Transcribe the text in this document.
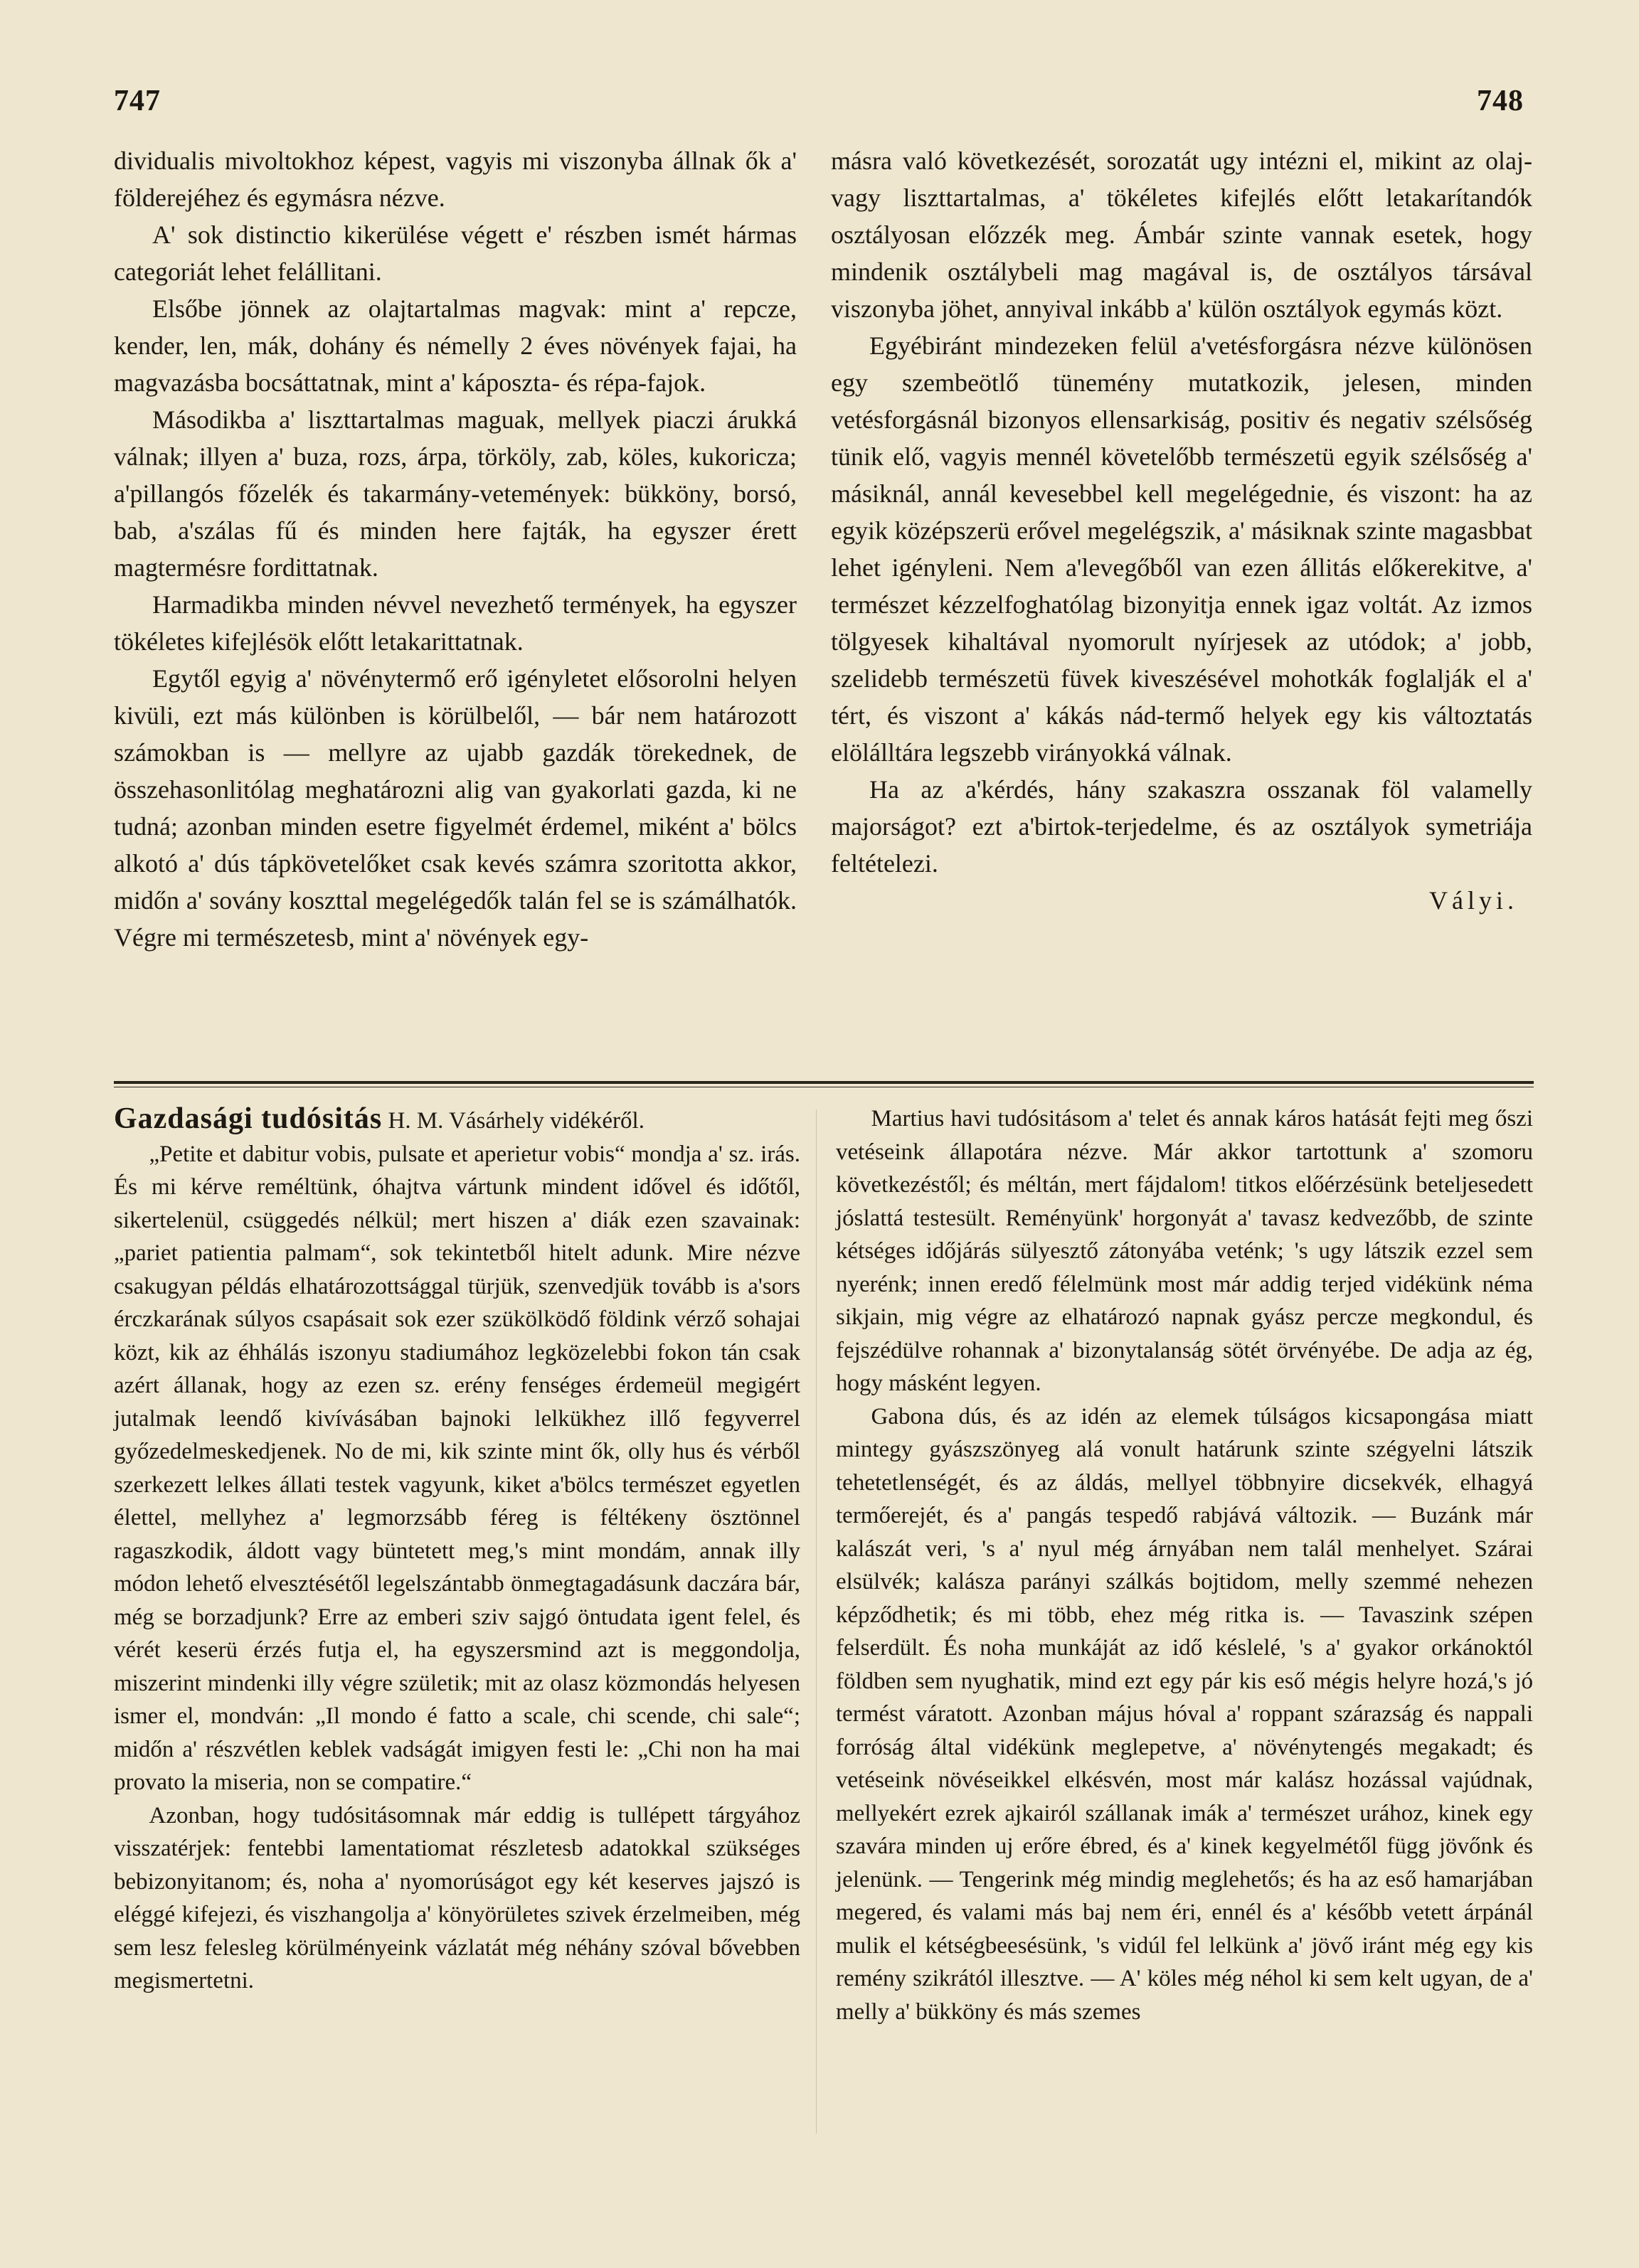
747	748

dividualis mivoltokhoz képest, vagyis mi viszonyba állnak ők a' földerejéhez és egymásra nézve.

A' sok distinctio kikerülése végett e' részben ismét hármas categoriát lehet felállitani.

Elsőbe jönnek az olajtartalmas magvak: mint a' repcze, kender, len, mák, dohány és némelly 2 éves növények fajai, ha magvazásba bocsáttatnak, mint a' káposzta- és répa-fajok.

Másodikba a' liszttartalmas maguak, mellyek piaczi árukká válnak; illyen a' buza, rozs, árpa, törköly, zab, köles, kukoricza; a'pillangós főzelék és takarmány-vetemények: bükköny, borsó, bab, a'szálas fű és minden here fajták, ha egyszer érett magtermésre fordittatnak.

Harmadikba minden névvel nevezhető termények, ha egyszer tökéletes kifejlésök előtt letakarittatnak.

Egytől egyig a' növénytermő erő igényletet elősorolni helyen kivüli, ezt más különben is körülbelől, — bár nem határozott számokban is — mellyre az ujabb gazdák törekednek, de összehasonlitólag meghatározni alig van gyakorlati gazda, ki ne tudná; azonban minden esetre figyelmét érdemel, miként a' bölcs alkotó a' dús tápkövetelőket csak kevés számra szoritotta akkor, midőn a' sovány koszttal megelégedők talán fel se is számálhatók. Végre mi természetesb, mint a' növények egy-

másra való következését, sorozatát ugy intézni el, mikint az olaj- vagy liszttartalmas, a' tökéletes kifejlés előtt letakarítandók osztályosan előzzék meg. Ámbár szinte vannak esetek, hogy mindenik osztálybeli mag magával is, de osztályos társával viszonyba jöhet, annyival inkább a' külön osztályok egymás közt.

Egyébiránt mindezeken felül a'vetésforgásra nézve különösen egy szembeötlő tünemény mutatkozik, jelesen, minden vetésforgásnál bizonyos ellensarkiság, positiv és negativ szélsőség tünik elő, vagyis mennél követelőbb természetü egyik szélsőség a' másiknál, annál kevesebbel kell megelégednie, és viszont: ha az egyik középszerü erővel megelégszik, a' másiknak szinte magasbbat lehet igényleni. Nem a'levegőből van ezen állitás előkerekitve, a' természet kézzelfoghatólag bizonyitja ennek igaz voltát. Az izmos tölgyesek kihaltával nyomorult nyírjesek az utódok; a' jobb, szelidebb természetü füvek kiveszésével mohotkák foglalják el a' tért, és viszont a' kákás nád-termő helyek egy kis változtatás elölálltára legszebb virányokká válnak.

Ha az a'kérdés, hány szakaszra osszanak föl valamelly majorságot? ezt a'birtok-terjedelme, és az osztályok symetriája feltételezi.

Vályi.

Gazdasági tudósitás H. M. Vásárhely vidékéről.

„Petite et dabitur vobis, pulsate et aperietur vobis“ mondja a' sz. irás. És mi kérve reméltünk, óhajtva vártunk mindent idővel és időtől, sikertelenül, csüggedés nélkül; mert hiszen a' diák ezen szavainak: „pariet patientia palmam“, sok tekintetből hitelt adunk. Mire nézve csakugyan példás elhatározottsággal türjük, szenvedjük tovább is a'sors érczkarának súlyos csapásait sok ezer szükölködő földink vérző sohajai közt, kik az éhhálás iszonyu stadiumához legközelebbi fokon tán csak azért állanak, hogy az ezen sz. erény fenséges érdemeül megigért jutalmak leendő kivívásában bajnoki lelkükhez illő fegyverrel győzedelmeskedjenek. No de mi, kik szinte mint ők, olly hus és vérből szerkezett lelkes állati testek vagyunk, kiket a'bölcs természet egyetlen élettel, mellyhez a' legmorzsább féreg is féltékeny ösztönnel ragaszkodik, áldott vagy büntetett meg,'s mint mondám, annak illy módon lehető elvesztésétől legelszántabb önmegtagadásunk daczára bár, még se borzadjunk? Erre az emberi sziv sajgó öntudata igent felel, és vérét keserü érzés futja el, ha egyszersmind azt is meggondolja, miszerint mindenki illy végre születik; mit az olasz közmondás helyesen ismer el, mondván: „Il mondo é fatto a scale, chi scende, chi sale“; midőn a' részvétlen keblek vadságát imigyen festi le: „Chi non ha mai provato la miseria, non se compatire.“

Azonban, hogy tudósitásomnak már eddig is tullépett tárgyához visszatérjek: fentebbi lamentatiomat részletesb adatokkal szükséges bebizonyitanom; és, noha a' nyomorúságot egy két keserves jajszó is eléggé kifejezi, és viszhangolja a' könyörületes szivek érzelmeiben, még sem lesz felesleg körülményeink vázlatát még néhány szóval bővebben megismertetni.

Martius havi tudósitásom a' telet és annak káros hatását fejti meg őszi vetéseink állapotára nézve. Már akkor tartottunk a' szomoru következéstől; és méltán, mert fájdalom! titkos előérzésünk beteljesedett jóslattá testesült. Reményünk' horgonyát a' tavasz kedvezőbb, de szinte kétséges időjárás sülyesztő zátonyába veténk; 's ugy látszik ezzel sem nyerénk; innen eredő félelmünk most már addig terjed vidékünk néma sikjain, mig végre az elhatározó napnak gyász percze megkondul, és fejszédülve rohannak a' bizonytalanság sötét örvényébe. De adja az ég, hogy másként legyen.

Gabona dús, és az idén az elemek túlságos kicsapongása miatt mintegy gyászszönyeg alá vonult határunk szinte szégyelni látszik tehetetlenségét, és az áldás, mellyel többnyire dicsekvék, elhagyá termőerejét, és a' pangás tespedő rabjává változik. — Buzánk már kalászát veri, 's a' nyul még árnyában nem talál menhelyet. Szárai elsülvék; kalásza parányi szálkás bojtidom, melly szemmé nehezen képződhetik; és mi több, ehez még ritka is. — Tavaszink szépen felserdült. És noha munkáját az idő késlelé, 's a' gyakor orkánoktól földben sem nyughatik, mind ezt egy pár kis eső mégis helyre hozá,'s jó termést váratott. Azonban május hóval a' roppant szárazság és nappali forróság által vidékünk meglepetve, a' növénytengés megakadt; és vetéseink növéseikkel elkésvén, most már kalász hozással vajúdnak, mellyekért ezrek ajkairól szállanak imák a' természet urához, kinek egy szavára minden uj erőre ébred, és a' kinek kegyelmétől függ jövőnk és jelenünk. — Tengerink még mindig meglehetős; és ha az eső hamarjában megered, és valami más baj nem éri, ennél és a' később vetett árpánál mulik el kétségbeesésünk, 's vidúl fel lelkünk a' jövő iránt még egy kis remény szikrától illesztve. — A' köles még néhol ki sem kelt ugyan, de a' melly a' bükköny és más szemes
